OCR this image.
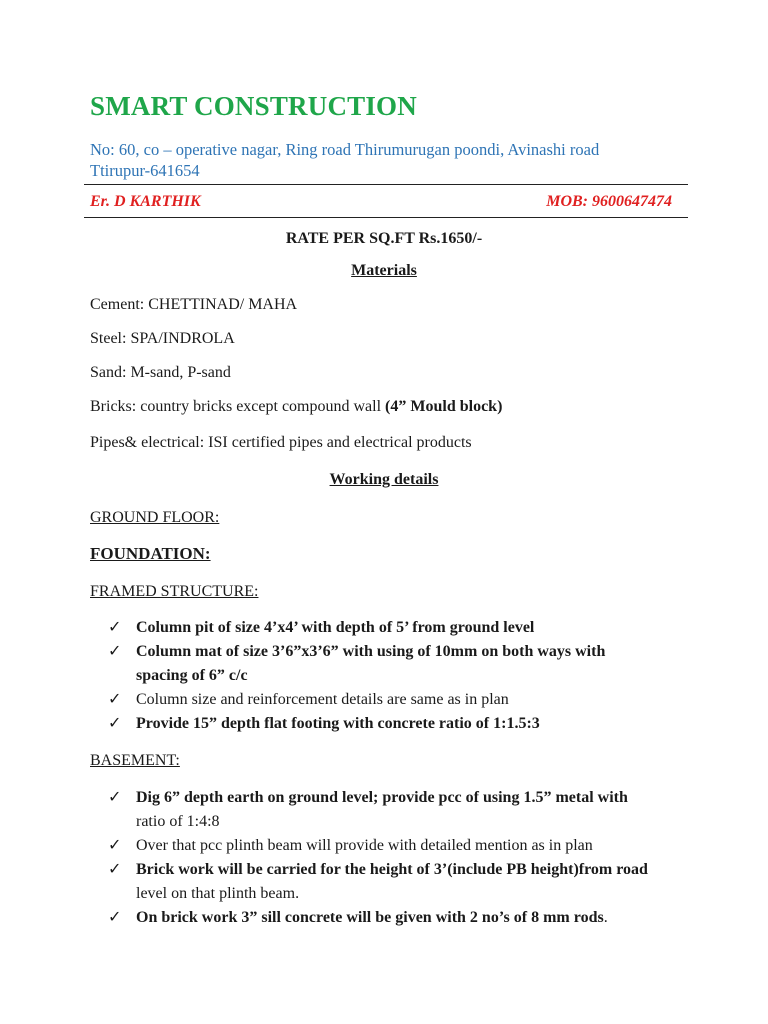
SMART CONSTRUCTION
No: 60, co – operative nagar, Ring road Thirumurugan poondi, Avinashi road
Ttirupur-641654
Er. D KARTHIK	MOB: 9600647474
RATE PER SQ.FT Rs.1650/-
Materials
Cement: CHETTINAD/ MAHA
Steel: SPA/INDROLA
Sand: M-sand, P-sand
Bricks: country bricks except compound wall (4” Mould block)
Pipes& electrical: ISI certified pipes and electrical products
Working details
GROUND FLOOR:
FOUNDATION:
FRAMED STRUCTURE:
✓ Column pit of size 4’x4’ with depth of 5’ from ground level
✓ Column mat of size 3’6”x3’6” with using of 10mm on both ways with spacing of 6” c/c
✓ Column size and reinforcement details are same as in plan
✓ Provide 15” depth flat footing with concrete ratio of 1:1.5:3
BASEMENT:
✓ Dig 6” depth earth on ground level; provide pcc of using 1.5” metal with
ratio of 1:4:8
✓ Over that pcc plinth beam will provide with detailed mention as in plan
✓ Brick work will be carried for the height of 3’(include PB height)from road
level on that plinth beam.
✓ On brick work 3” sill concrete will be given with 2 no’s of 8 mm rods.
